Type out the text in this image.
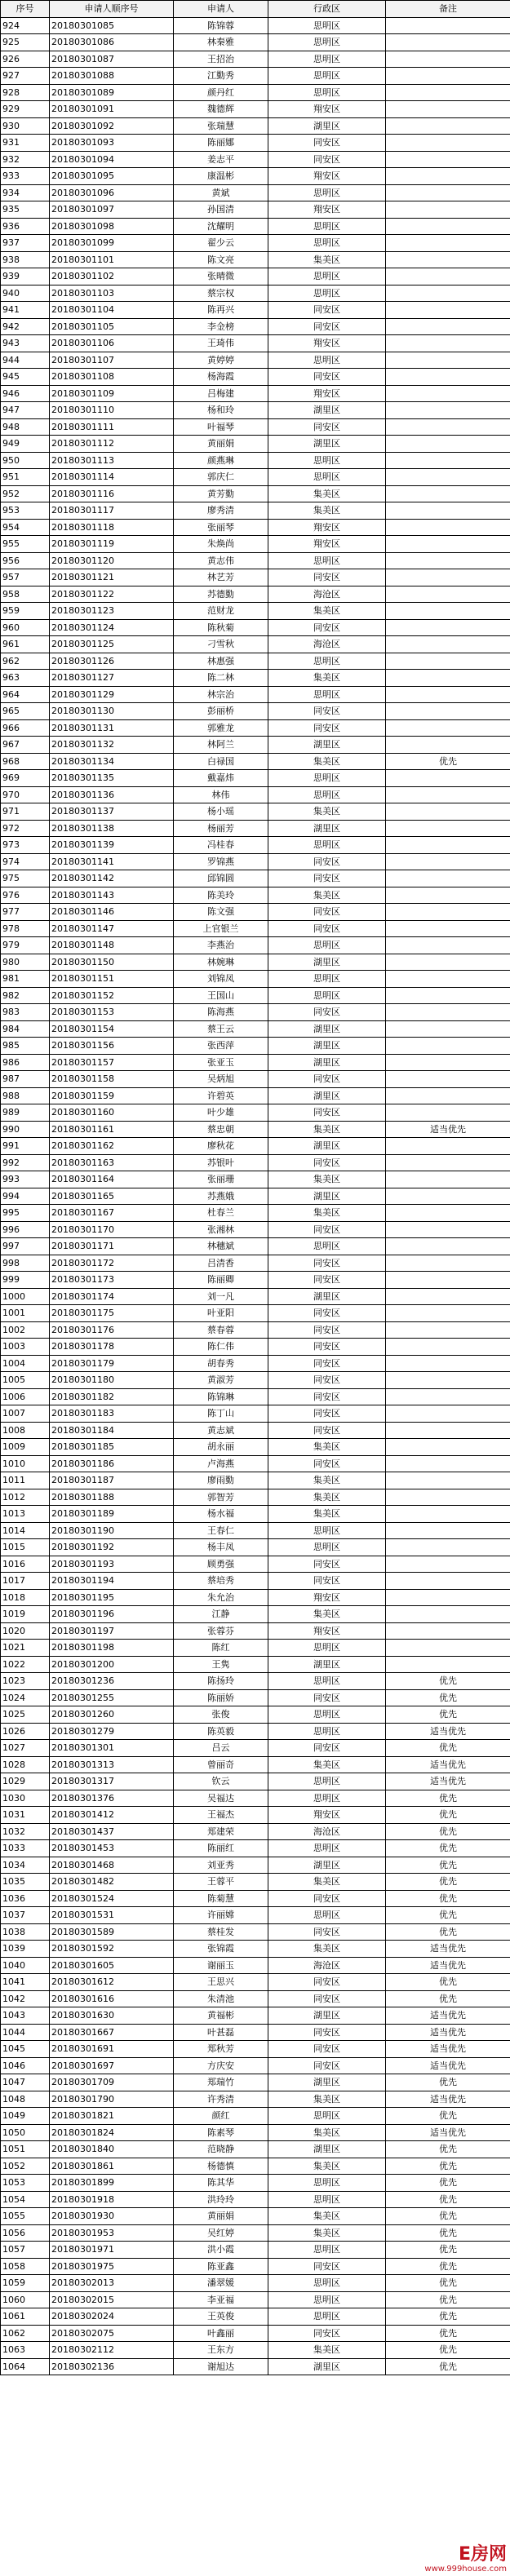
序号	申请人顺序号	申请人	行政区	备注
924	20180301085	陈锦蓉	思明区	
925	20180301086	林秦雅	思明区	
926	20180301087	王招治	思明区	
927	20180301088	江勤秀	思明区	
928	20180301089	颜丹红	思明区	
929	20180301091	魏德辉	翔安区	
930	20180301092	张瑞慧	湖里区	
931	20180301093	陈丽娜	同安区	
932	20180301094	姜志平	同安区	
933	20180301095	康温彬	翔安区	
934	20180301096	黄斌	思明区	
935	20180301097	孙国清	翔安区	
936	20180301098	沈耀明	思明区	
937	20180301099	翟少云	思明区	
938	20180301101	陈文亮	集美区	
939	20180301102	张晴微	思明区	
940	20180301103	蔡宗权	思明区	
941	20180301104	陈再兴	同安区	
942	20180301105	李金榜	同安区	
943	20180301106	王琦伟	翔安区	
944	20180301107	黄婷婷	思明区	
945	20180301108	杨海霞	同安区	
946	20180301109	吕梅建	翔安区	
947	20180301110	杨和玲	湖里区	
948	20180301111	叶福琴	同安区	
949	20180301112	黄丽娟	湖里区	
950	20180301113	颜燕琳	思明区	
951	20180301114	郭庆仁	思明区	
952	20180301116	黄芳勤	集美区	
953	20180301117	廖秀清	集美区	
954	20180301118	张丽琴	翔安区	
955	20180301119	朱焕尚	翔安区	
956	20180301120	黄志伟	思明区	
957	20180301121	林艺芳	同安区	
958	20180301122	苏德勤	海沧区	
959	20180301123	范财龙	集美区	
960	20180301124	陈秋菊	同安区	
961	20180301125	刁雪秋	海沧区	
962	20180301126	林惠强	思明区	
963	20180301127	陈二林	集美区	
964	20180301129	林宗治	思明区	
965	20180301130	彭丽桥	同安区	
966	20180301131	郭雅龙	同安区	
967	20180301132	林阿兰	湖里区	
968	20180301134	白禄国	集美区	优先
969	20180301135	戴嘉炜	思明区	
970	20180301136	林伟	思明区	
971	20180301137	杨小瑶	集美区	
972	20180301138	杨丽芳	湖里区	
973	20180301139	冯桂春	思明区	
974	20180301141	罗锦燕	同安区	
975	20180301142	邱锦圆	同安区	
976	20180301143	陈美玲	集美区	
977	20180301146	陈文强	同安区	
978	20180301147	上官银兰	同安区	
979	20180301148	李燕治	思明区	
980	20180301150	林婉琳	湖里区	
981	20180301151	刘锦凤	思明区	
982	20180301152	王国山	思明区	
983	20180301153	陈海燕	同安区	
984	20180301154	蔡王云	湖里区	
985	20180301156	张西萍	湖里区	
986	20180301157	张亚玉	湖里区	
987	20180301158	吴炳旭	同安区	
988	20180301159	许碧英	湖里区	
989	20180301160	叶少雄	同安区	
990	20180301161	蔡忠朝	集美区	适当优先
991	20180301162	廖秋花	湖里区	
992	20180301163	苏银叶	同安区	
993	20180301164	张丽珊	集美区	
994	20180301165	苏燕娥	湖里区	
995	20180301167	杜春兰	集美区	
996	20180301170	张湘林	同安区	
997	20180301171	林穗斌	思明区	
998	20180301172	吕清香	同安区	
999	20180301173	陈丽卿	同安区	
1000	20180301174	刘一凡	湖里区	
1001	20180301175	叶亚阳	同安区	
1002	20180301176	蔡春蓉	同安区	
1003	20180301178	陈仁伟	同安区	
1004	20180301179	胡春秀	同安区	
1005	20180301180	黄淑芳	同安区	
1006	20180301182	陈锦琳	同安区	
1007	20180301183	陈丁山	同安区	
1008	20180301184	黄志斌	同安区	
1009	20180301185	胡永丽	集美区	
1010	20180301186	卢海燕	同安区	
1011	20180301187	廖雨勤	集美区	
1012	20180301188	郭智芳	集美区	
1013	20180301189	杨水福	集美区	
1014	20180301190	王春仁	思明区	
1015	20180301192	杨丰凤	思明区	
1016	20180301193	顾勇强	同安区	
1017	20180301194	蔡培秀	同安区	
1018	20180301195	朱允治	翔安区	
1019	20180301196	江静	集美区	
1020	20180301197	张蓉芬	翔安区	
1021	20180301198	陈红	思明区	
1022	20180301200	王隽	湖里区	
1023	20180301236	陈扬玲	思明区	优先
1024	20180301255	陈丽娇	同安区	优先
1025	20180301260	张俊	思明区	优先
1026	20180301279	陈英毅	思明区	适当优先
1027	20180301301	吕云	同安区	优先
1028	20180301313	曾丽奇	集美区	适当优先
1029	20180301317	钦云	思明区	适当优先
1030	20180301376	吴福达	思明区	优先
1031	20180301412	王福杰	翔安区	优先
1032	20180301437	郑建荣	海沧区	优先
1033	20180301453	陈丽红	思明区	优先
1034	20180301468	刘亚秀	湖里区	优先
1035	20180301482	王蓉平	集美区	优先
1036	20180301524	陈菊慧	同安区	优先
1037	20180301531	许丽嫦	思明区	优先
1038	20180301589	蔡桂发	同安区	优先
1039	20180301592	张锦霞	集美区	适当优先
1040	20180301605	谢丽玉	海沧区	适当优先
1041	20180301612	王思兴	同安区	优先
1042	20180301616	朱清池	同安区	优先
1043	20180301630	黄福彬	湖里区	适当优先
1044	20180301667	叶甚磊	同安区	适当优先
1045	20180301691	郑秋芳	同安区	适当优先
1046	20180301697	方庆安	同安区	适当优先
1047	20180301709	郑瑞竹	湖里区	优先
1048	20180301790	许秀清	集美区	适当优先
1049	20180301821	颜红	思明区	优先
1050	20180301824	陈素琴	集美区	适当优先
1051	20180301840	范晓静	湖里区	优先
1052	20180301861	杨德慎	集美区	优先
1053	20180301899	陈其华	思明区	优先
1054	20180301918	洪玲玲	思明区	优先
1055	20180301930	黄丽娟	集美区	优先
1056	20180301953	吴红婷	集美区	优先
1057	20180301971	洪小霞	思明区	优先
1058	20180301975	陈亚鑫	同安区	优先
1059	20180302013	潘翠媛	思明区	优先
1060	20180302015	李亚福	思明区	优先
1061	20180302024	王英俊	思明区	优先
1062	20180302075	叶鑫丽	同安区	优先
1063	20180302112	王东方	集美区	优先
1064	20180302136	谢旭达	湖里区	优先
E房网
www.999house.com
